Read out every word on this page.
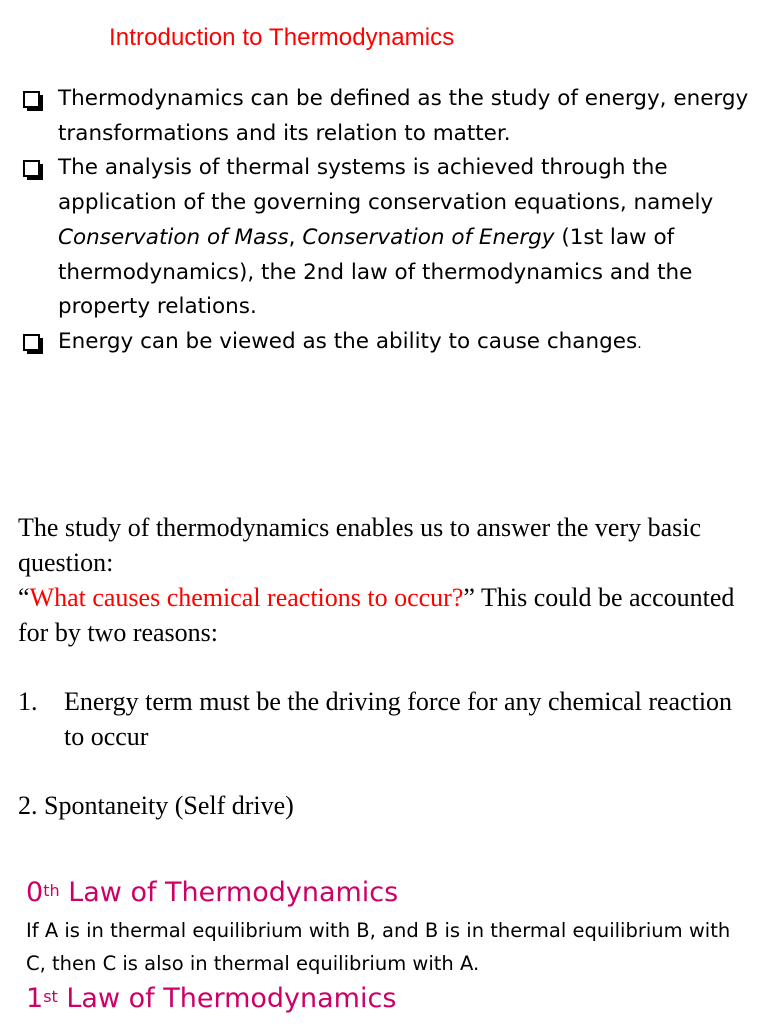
Introduction to Thermodynamics
Thermodynamics can be defined as the study of energy, energy transformations and its relation to matter.
The analysis of thermal systems is achieved through the application of the governing conservation equations, namely Conservation of Mass, Conservation of Energy (1st law of thermodynamics), the 2nd law of thermodynamics and the property relations.
Energy can be viewed as the ability to cause changes.
The study of thermodynamics enables us to answer the very basic question:
“What causes chemical reactions to occur?” This could be accounted for by two reasons:
1.	Energy term must be the driving force for any chemical reaction to occur
2. Spontaneity (Self drive)
0th Law of Thermodynamics
If A is in thermal equilibrium with B, and B is in thermal equilibrium with C, then C is also in thermal equilibrium with A.
1st Law of Thermodynamics
